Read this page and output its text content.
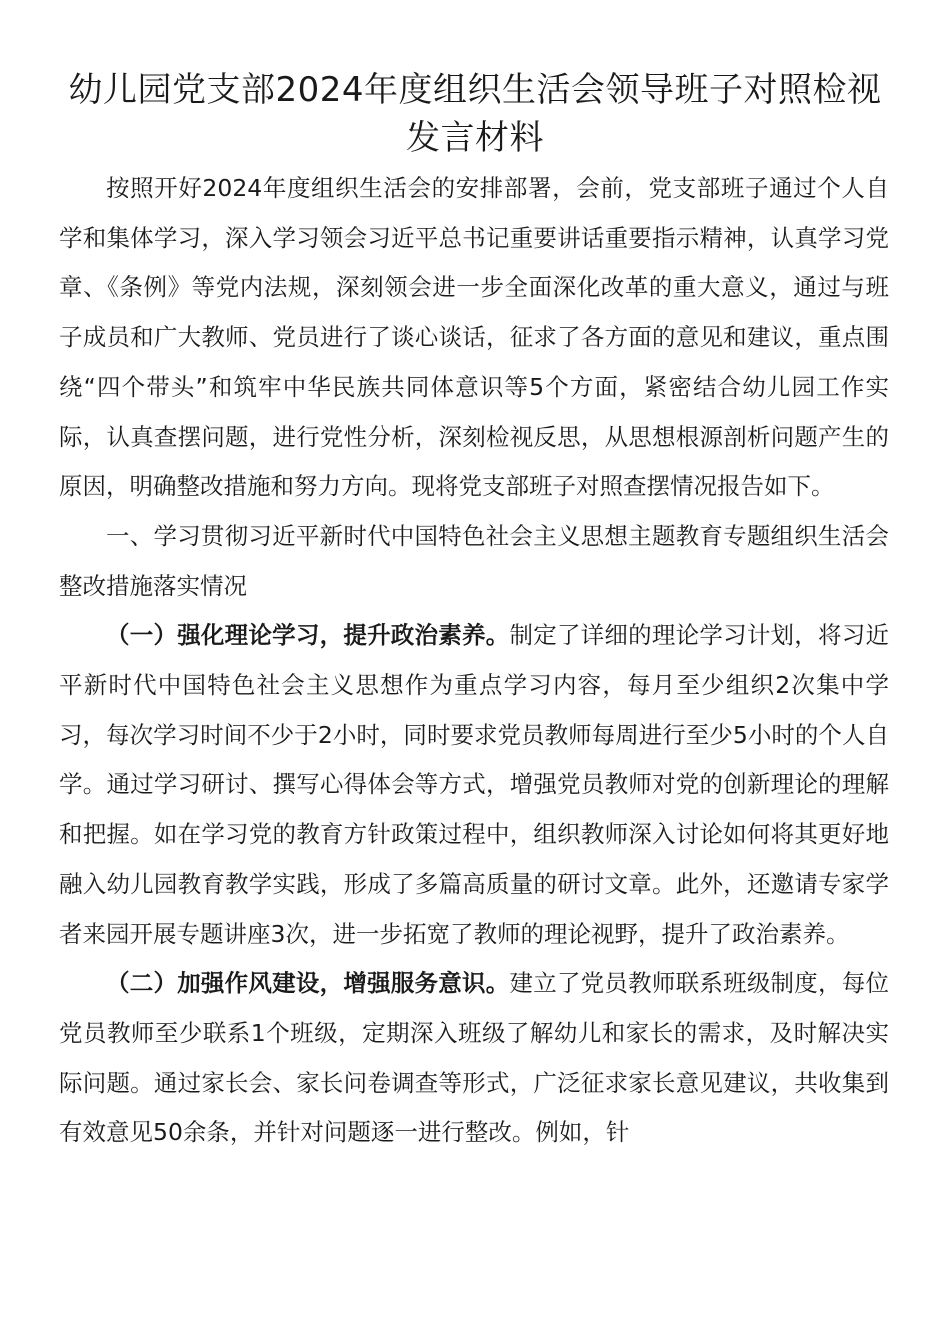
幼儿园党支部2024年度组织生活会领导班子对照检视发言材料

按照开好2024年度组织生活会的安排部署，会前，党支部班子通过个人自学和集体学习，深入学习领会习近平总书记重要讲话重要指示精神，认真学习党章、《条例》等党内法规，深刻领会进一步全面深化改革的重大意义，通过与班子成员和广大教师、党员进行了谈心谈话，征求了各方面的意见和建议，重点围绕“四个带头”和筑牢中华民族共同体意识等5个方面，紧密结合幼儿园工作实际，认真查摆问题，进行党性分析，深刻检视反思，从思想根源剖析问题产生的原因，明确整改措施和努力方向。现将党支部班子对照查摆情况报告如下。

一、学习贯彻习近平新时代中国特色社会主义思想主题教育专题组织生活会整改措施落实情况

（一）强化理论学习，提升政治素养。制定了详细的理论学习计划，将习近平新时代中国特色社会主义思想作为重点学习内容，每月至少组织2次集中学习，每次学习时间不少于2小时，同时要求党员教师每周进行至少5小时的个人自学。通过学习研讨、撰写心得体会等方式，增强党员教师对党的创新理论的理解和把握。如在学习党的教育方针政策过程中，组织教师深入讨论如何将其更好地融入幼儿园教育教学实践，形成了多篇高质量的研讨文章。此外，还邀请专家学者来园开展专题讲座3次，进一步拓宽了教师的理论视野，提升了政治素养。

（二）加强作风建设，增强服务意识。建立了党员教师联系班级制度，每位党员教师至少联系1个班级，定期深入班级了解幼儿和家长的需求，及时解决实际问题。通过家长会、家长问卷调查等形式，广泛征求家长意见建议，共收集到有效意见50余条，并针对问题逐一进行整改。例如，针
